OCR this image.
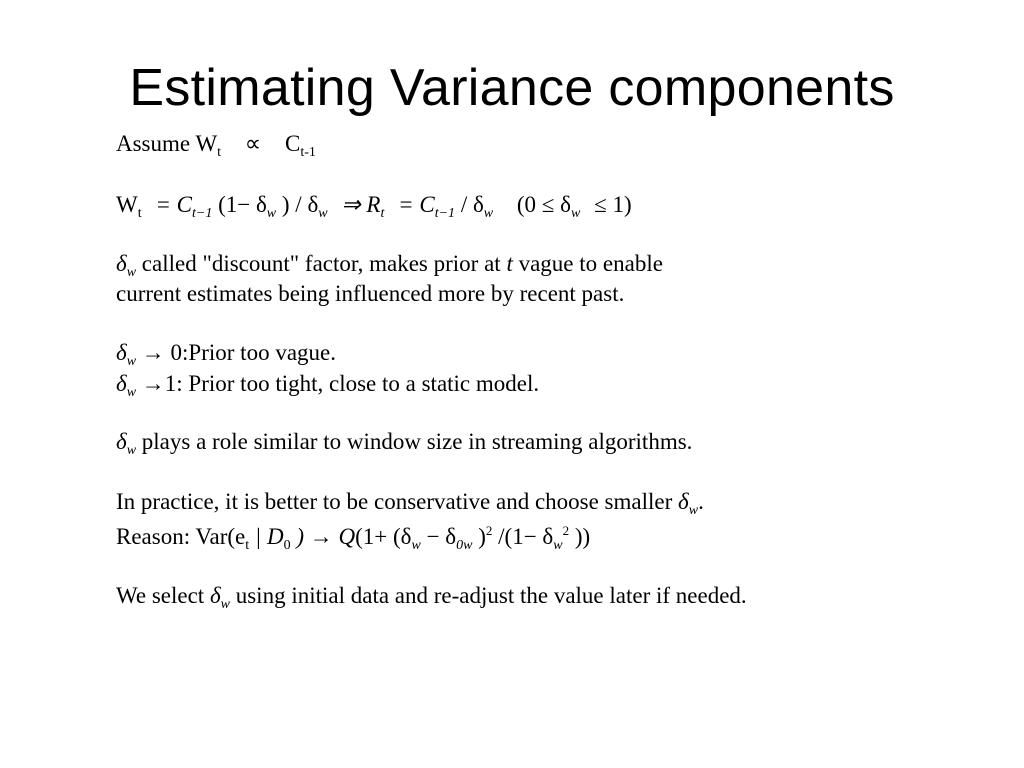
Estimating Variance components
Assume $W_t \propto C_{t-1}$
$W_t = C_{t-1}$ ($1- \delta_w$ ) / $\delta_w$ ⇒ $R_t = C_{t-1} / \delta_w$ $(0 \le \delta_w \le 1)$
$\delta_w$ called "discount" factor, makes prior at t vague to enable
current estimates being influenced more by recent past.
$\delta_w$ → 0:Prior too vague.
$\delta_w \to 1$: Prior too tight, close to a static model.
$\delta_w$ plays a role similar to window size in streaming algorithms.
In practice, it is better to be conservative and choose smaller $\delta_w$.
Reason: $Var(e_t$ | $D_0$ ) → $Q(1+ (\delta_w - \delta_{0w}$ )$^2$ $/(1- \delta_w^2$ ))
We select $\delta_w$ using initial data and re-adjust the value later if needed.
